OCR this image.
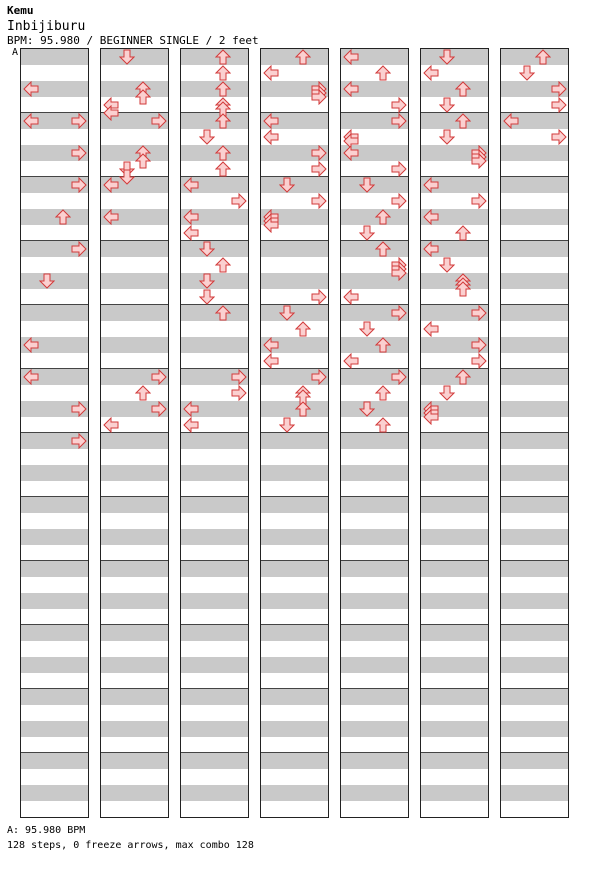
Kemu
Inbijiburu
BPM: 95.980 / BEGINNER SINGLE / 2 feet
A
A: 95.980 BPM
128 steps, 0 freeze arrows, max combo 128
